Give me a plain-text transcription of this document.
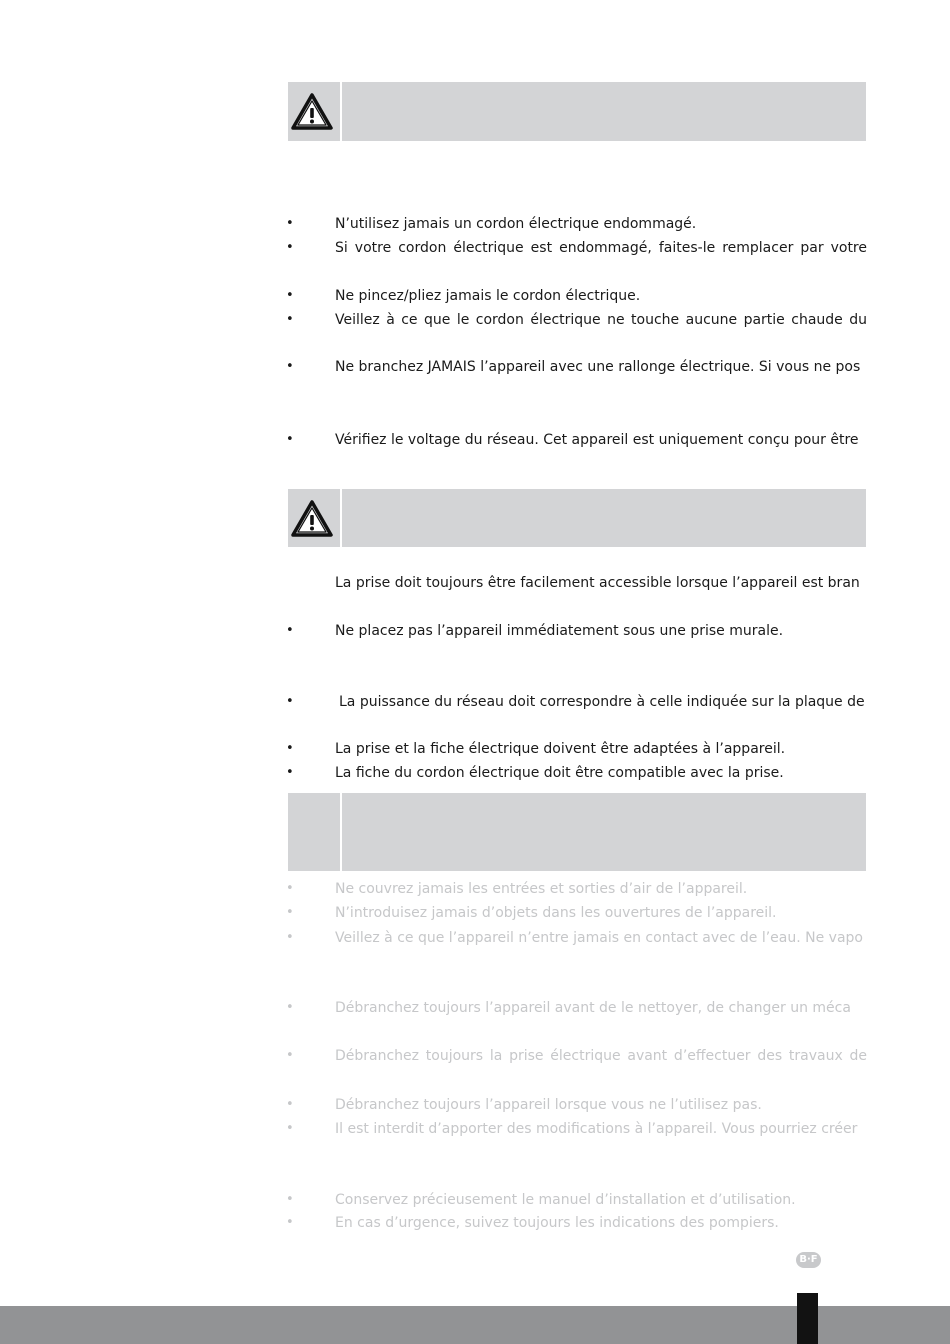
•	N’utilisez jamais un cordon électrique endommagé.
•	Si votre cordon électrique est endommagé, faites-le remplacer par votre
•	Ne pincez/pliez jamais le cordon électrique.
•	Veillez à ce que le cordon électrique ne touche aucune partie chaude du
•	Ne branchez JAMAIS l’appareil avec une rallonge électrique. Si vous ne pos
•	Vérifiez le voltage du réseau. Cet appareil est uniquement conçu pour être
La prise doit toujours être facilement accessible lorsque l’appareil est bran
•	Ne placez pas l’appareil immédiatement sous une prise murale.
•	La puissance du réseau doit correspondre à celle indiquée sur la plaque de
•	La prise et la fiche électrique doivent être adaptées à l’appareil.
•	La fiche du cordon électrique doit être compatible avec la prise.
•	Ne couvrez jamais les entrées et sorties d’air de l’appareil.
•	N’introduisez jamais d’objets dans les ouvertures de l’appareil.
•	Veillez à ce que l’appareil n’entre jamais en contact avec de l’eau. Ne vapo
•	Débranchez toujours l’appareil avant de le nettoyer, de changer un méca
•	Débranchez toujours la prise électrique avant d’effectuer des travaux de
•	Débranchez toujours l’appareil lorsque vous ne l’utilisez pas.
•	Il est interdit d’apporter des modifications à l’appareil. Vous pourriez créer
•	Conservez précieusement le manuel d’installation et d’utilisation.
•	En cas d’urgence, suivez toujours les indications des pompiers.
B·F
